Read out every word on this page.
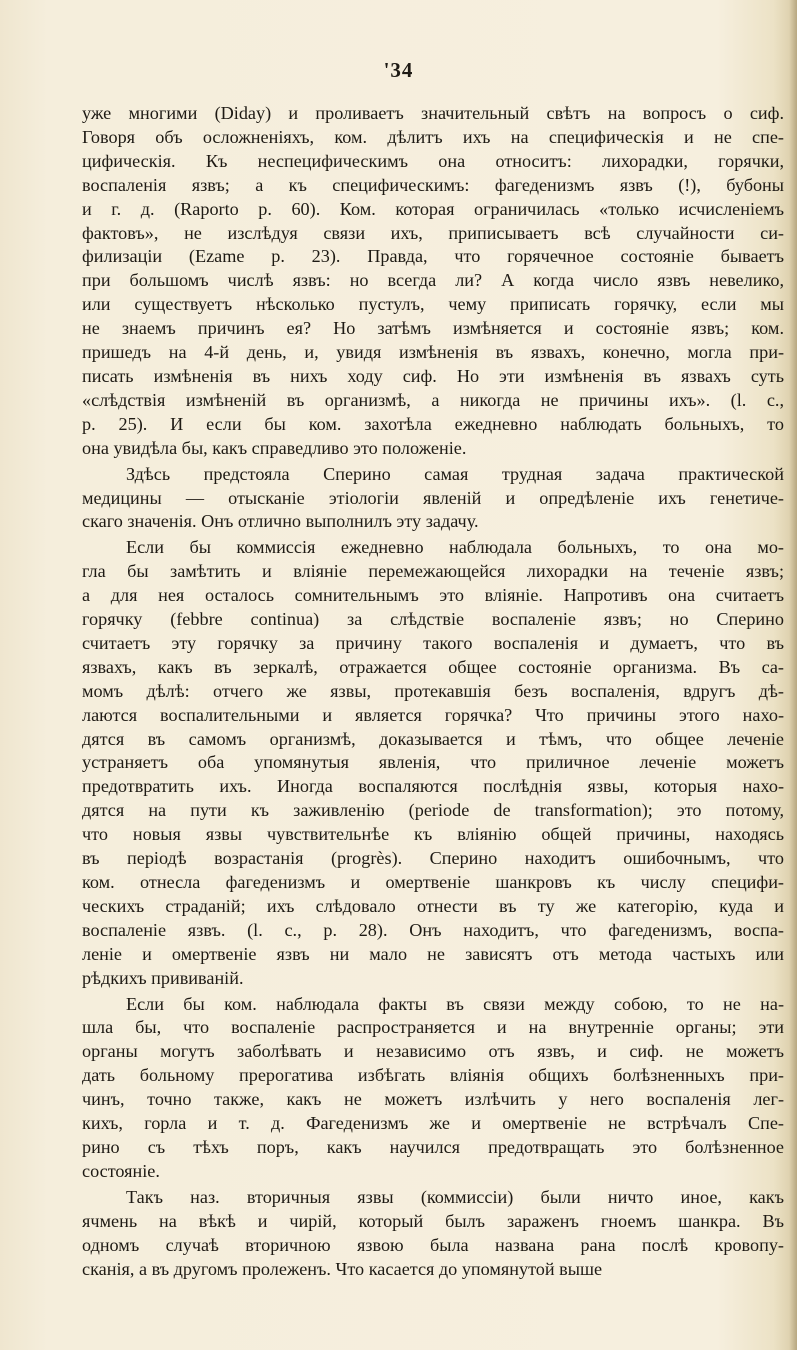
'34
уже многими (Diday) и проливаетъ значительный свѣтъ на вопросъ о сиф.
Говоря объ осложненіяхъ, ком. дѣлитъ ихъ на специфическія и не спе-
цифическія. Къ неспецифическимъ она относитъ: лихорадки, горячки,
воспаленія язвъ; а къ специфическимъ: фагеденизмъ язвъ (!), бубоны
и г. д. (Raporto p. 60). Ком. которая ограничилась «только исчисленіемъ
фактовъ», не изслѣдуя связи ихъ, приписываетъ всѣ случайности си-
филизаціи (Ezame p. 23). Правда, что горячечное состояніе бываетъ
при большомъ числѣ язвъ: но всегда ли? А когда число язвъ невелико,
или существуетъ нѣсколько пустулъ, чему приписать горячку, если мы
не знаемъ причинъ ея? Но затѣмъ измѣняется и состояніе язвъ; ком.
пришедъ на 4-й день, и, увидя измѣненія въ язвахъ, конечно, могла при-
писать измѣненія въ нихъ ходу сиф. Но эти измѣненія въ язвахъ суть
«слѣдствія измѣненій въ организмѣ, а никогда не причины ихъ». (l. c.,
p. 25). И если бы ком. захотѣла ежедневно наблюдать больныхъ, то
она увидѣла бы, какъ справедливо это положеніе.
Здѣсь предстояла Сперино самая трудная задача практической
медицины — отысканіе этіологіи явленій и опредѣленіе ихъ генетиче-
скаго значенія. Онъ отлично выполнилъ эту задачу.
Если бы коммиссія ежедневно наблюдала больныхъ, то она мо-
гла бы замѣтить и вліяніе перемежающейся лихорадки на теченіе язвъ;
а для нея осталось сомнительнымъ это вліяніе. Напротивъ она считаетъ
горячку (febbre continua) за слѣдствіе воспаленіе язвъ; но Сперино
считаетъ эту горячку за причину такого воспаленія и думаетъ, что въ
язвахъ, какъ въ зеркалѣ, отражается общее состояніе организма. Въ са-
момъ дѣлѣ: отчего же язвы, протекавшія безъ воспаленія, вдругъ дѣ-
лаются воспалительными и является горячка? Что причины этого нахо-
дятся въ самомъ организмѣ, доказывается и тѣмъ, что общее леченіе
устраняетъ оба упомянутыя явленія, что приличное леченіе можетъ
предотвратить ихъ. Иногда воспаляются послѣднія язвы, которыя нахо-
дятся на пути къ заживленію (periode de transformation); это потому,
что новыя язвы чувствительнѣе къ вліянію общей причины, находясь
въ періодѣ возрастанія (progrès). Сперино находитъ ошибочнымъ, что
ком. отнесла фагеденизмъ и омертвеніе шанкровъ къ числу специфи-
ческихъ страданій; ихъ слѣдовало отнести въ ту же категорію, куда и
воспаленіе язвъ. (l. c., p. 28). Онъ находитъ, что фагеденизмъ, воспа-
леніе и омертвеніе язвъ ни мало не зависятъ отъ метода частыхъ или
рѣдкихъ прививаній.
Если бы ком. наблюдала факты въ связи между собою, то не на-
шла бы, что воспаленіе распространяется и на внутренніе органы; эти
органы могутъ заболѣвать и независимо отъ язвъ, и сиф. не можетъ
дать больному прерогатива избѣгать вліянія общихъ болѣзненныхъ при-
чинъ, точно также, какъ не можетъ излѣчить у него воспаленія лег-
кихъ, горла и т. д. Фагеденизмъ же и омертвеніе не встрѣчалъ Спе-
рино съ тѣхъ поръ, какъ научился предотвращать это болѣзненное
состояніе.
Такъ наз. вторичныя язвы (коммиссіи) были ничто иное, какъ
ячмень на вѣкѣ и чирій, который былъ зараженъ гноемъ шанкра. Въ
одномъ случаѣ вторичною язвою была названа рана послѣ кровопу-
сканія, а въ другомъ пролеженъ. Что касается до упомянутой выше
